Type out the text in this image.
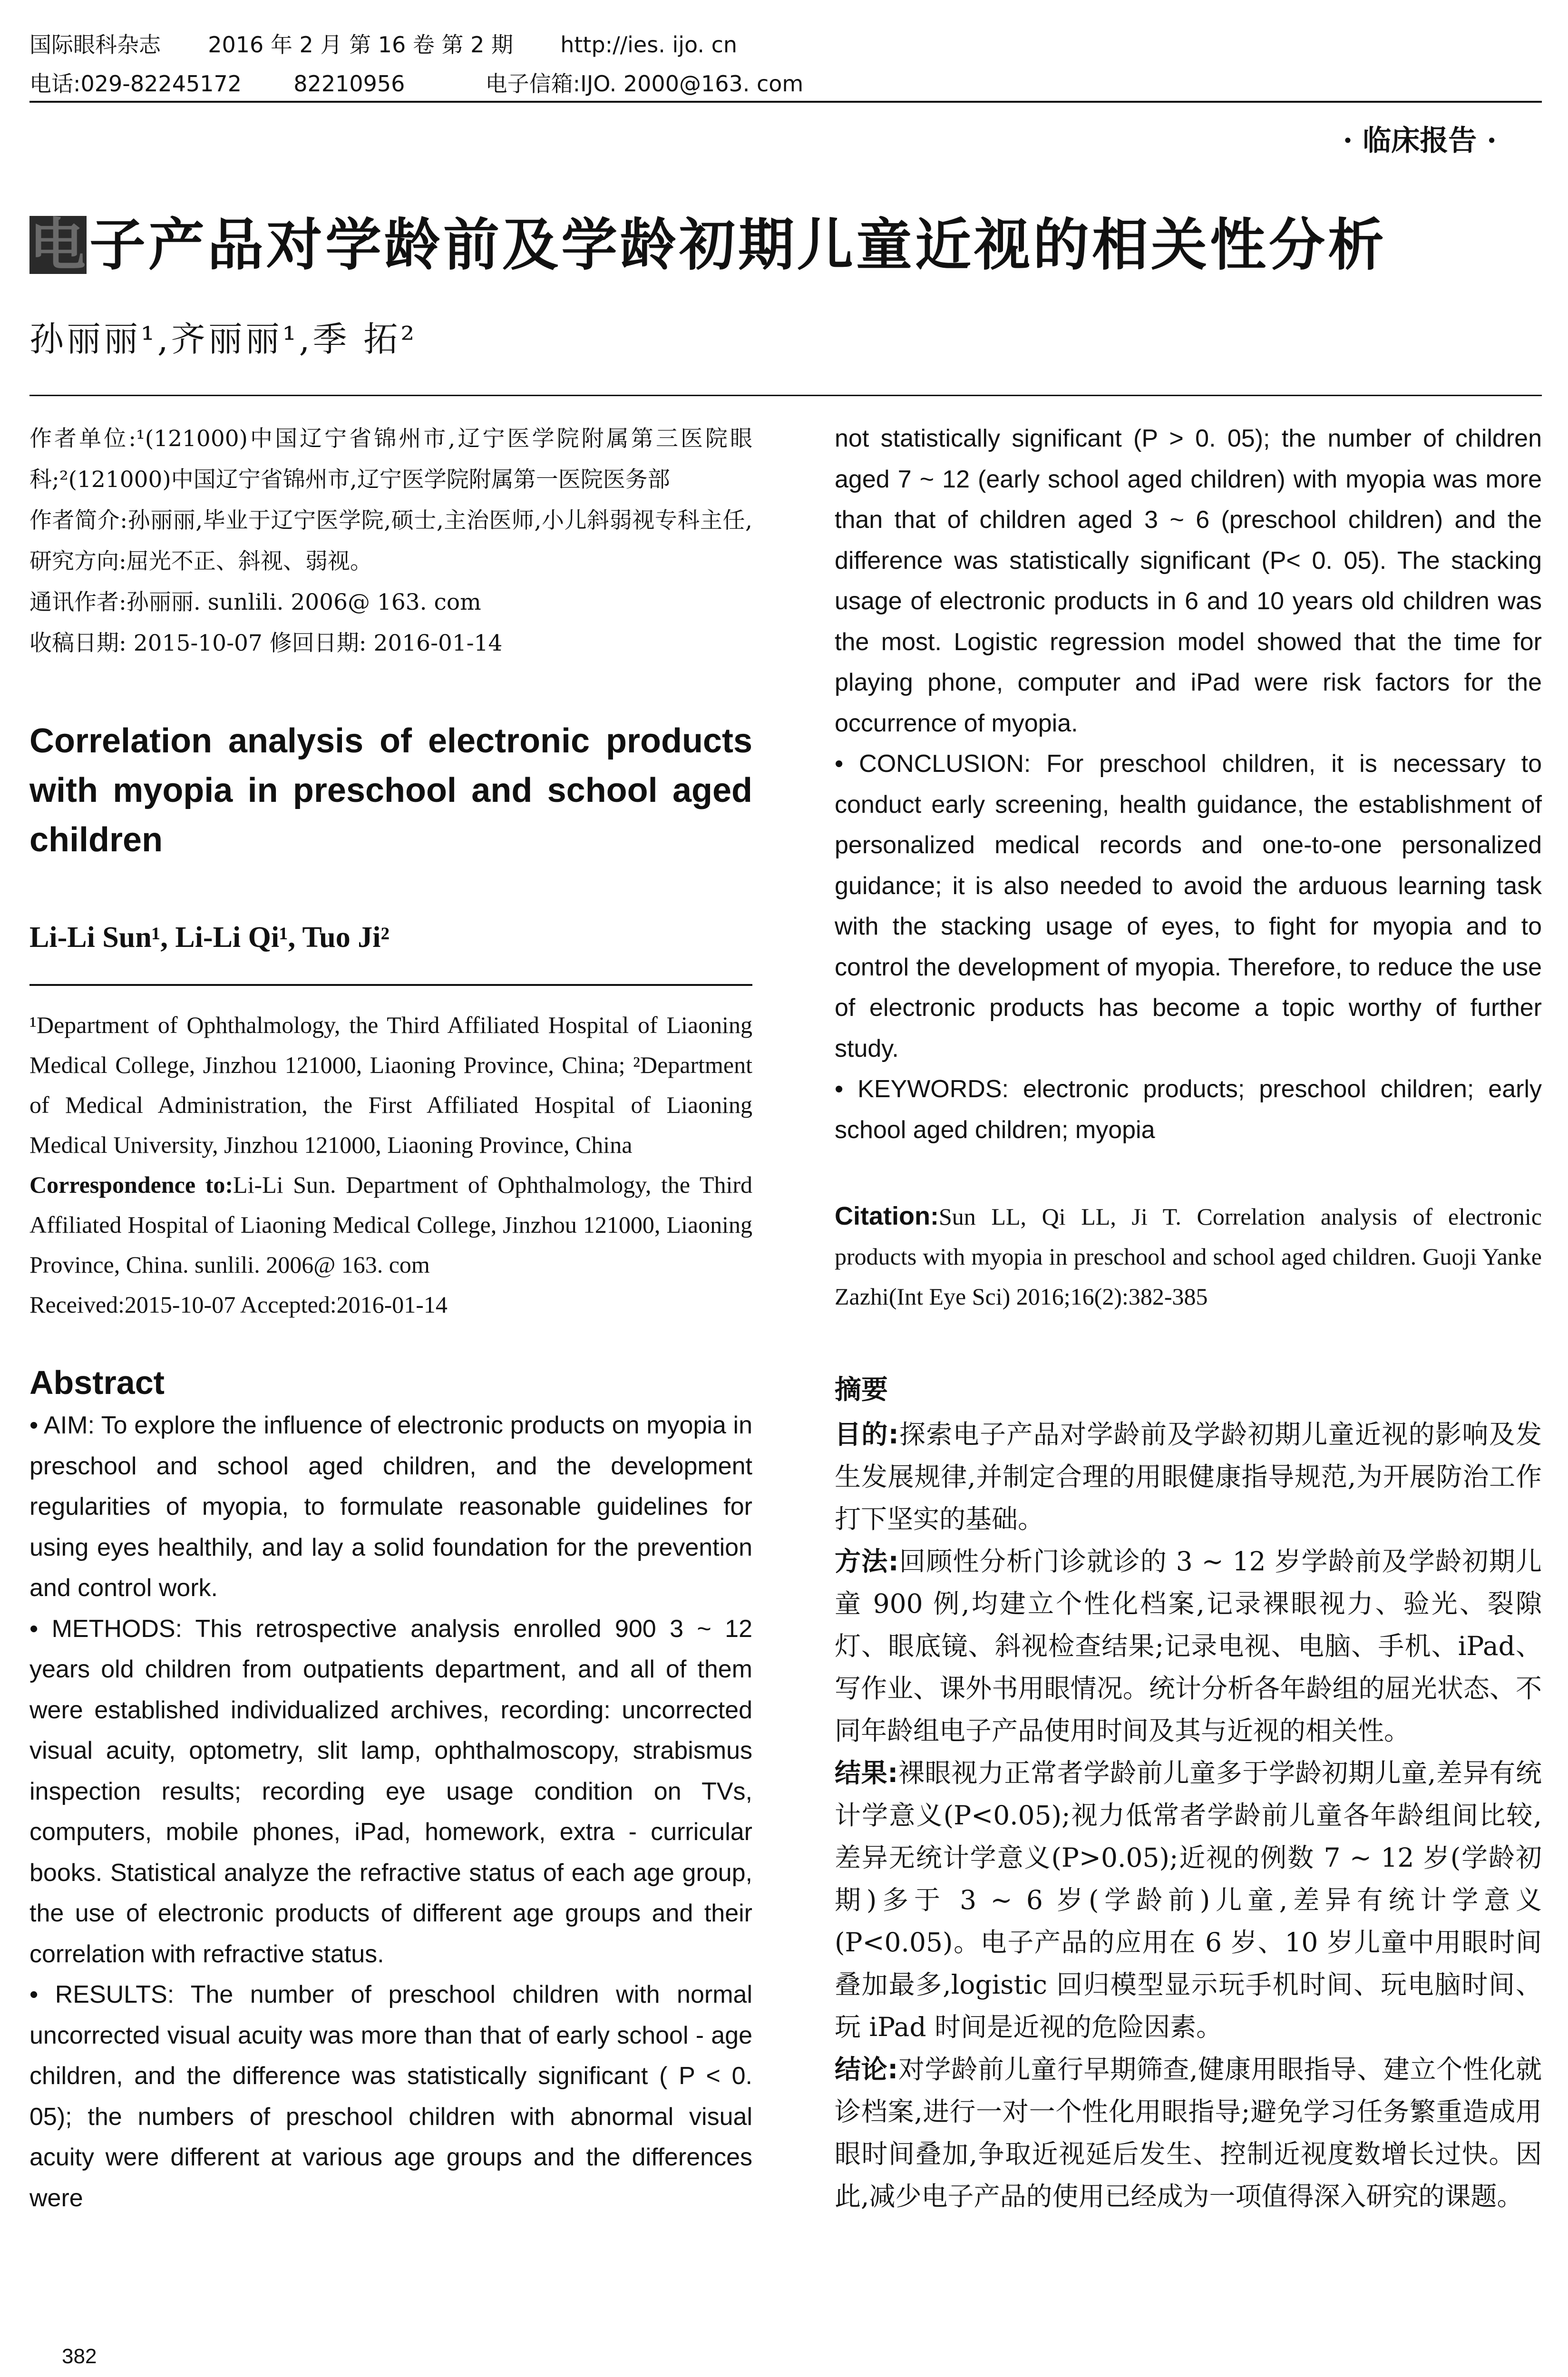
国际眼科杂志 2016 年 2 月 第 16 卷 第 2 期 http://ies. ijo. cn
电话:029-82245172 82210956	电子信箱:IJO. 2000@163. com
· 临床报告 ·
电子产品对学龄前及学龄初期儿童近视的相关性分析
孙丽丽¹,齐丽丽¹,季 拓²
作者单位:¹(121000)中国辽宁省锦州市,辽宁医学院附属第三医院眼科;²(121000)中国辽宁省锦州市,辽宁医学院附属第一医院医务部
作者简介:孙丽丽,毕业于辽宁医学院,硕士,主治医师,小儿斜弱视专科主任,研究方向:屈光不正、斜视、弱视。
通讯作者:孙丽丽. sunlili. 2006@ 163. com
收稿日期: 2015-10-07 修回日期: 2016-01-14
Correlation analysis of electronic products with myopia in preschool and school aged children
Li-Li Sun¹, Li-Li Qi¹, Tuo Ji²
¹Department of Ophthalmology, the Third Affiliated Hospital of Liaoning Medical College, Jinzhou 121000, Liaoning Province, China; ²Department of Medical Administration, the First Affiliated Hospital of Liaoning Medical University, Jinzhou 121000, Liaoning Province, China
Correspondence to:Li-Li Sun. Department of Ophthalmology, the Third Affiliated Hospital of Liaoning Medical College, Jinzhou 121000, Liaoning Province, China. sunlili. 2006@ 163. com
Received:2015-10-07 Accepted:2016-01-14
Abstract

• AIM: To explore the influence of electronic products on myopia in preschool and school aged children, and the development regularities of myopia, to formulate reasonable guidelines for using eyes healthily, and lay a solid foundation for the prevention and control work.

• METHODS: This retrospective analysis enrolled 900 3 ~ 12 years old children from outpatients department, and all of them were established individualized archives, recording: uncorrected visual acuity, optometry, slit lamp, ophthalmoscopy, strabismus inspection results; recording eye usage condition on TVs, computers, mobile phones, iPad, homework, extra - curricular books. Statistical analyze the refractive status of each age group, the use of electronic products of different age groups and their correlation with refractive status.

• RESULTS: The number of preschool children with normal uncorrected visual acuity was more than that of early school - age children, and the difference was statistically significant ( P < 0. 05); the numbers of preschool children with abnormal visual acuity were different at various age groups and the differences were

not statistically significant (P > 0. 05); the number of children aged 7 ~ 12 (early school aged children) with myopia was more than that of children aged 3 ~ 6 (preschool children) and the difference was statistically significant (P< 0. 05). The stacking usage of electronic products in 6 and 10 years old children was the most. Logistic regression model showed that the time for playing phone, computer and iPad were risk factors for the occurrence of myopia.

• CONCLUSION: For preschool children, it is necessary to conduct early screening, health guidance, the establishment of personalized medical records and one-to-one personalized guidance; it is also needed to avoid the arduous learning task with the stacking usage of eyes, to fight for myopia and to control the development of myopia. Therefore, to reduce the use of electronic products has become a topic worthy of further study.

• KEYWORDS: electronic products; preschool children; early school aged children; myopia

Citation:Sun LL, Qi LL, Ji T. Correlation analysis of electronic products with myopia in preschool and school aged children. Guoji Yanke Zazhi(Int Eye Sci) 2016;16(2):382-385
摘要

目的:探索电子产品对学龄前及学龄初期儿童近视的影响及发生发展规律,并制定合理的用眼健康指导规范,为开展防治工作打下坚实的基础。

方法:回顾性分析门诊就诊的 3 ~ 12 岁学龄前及学龄初期儿童 900 例,均建立个性化档案,记录裸眼视力、验光、裂隙灯、眼底镜、斜视检查结果;记录电视、电脑、手机、iPad、写作业、课外书用眼情况。统计分析各年龄组的屈光状态、不同年龄组电子产品使用时间及其与近视的相关性。

结果:裸眼视力正常者学龄前儿童多于学龄初期儿童,差异有统计学意义(P<0.05);视力低常者学龄前儿童各年龄组间比较,差异无统计学意义(P>0.05);近视的例数 7 ~ 12 岁(学龄初期)多于 3 ~ 6 岁(学龄前)儿童,差异有统计学意义(P<0.05)。电子产品的应用在 6 岁、10 岁儿童中用眼时间叠加最多,logistic 回归模型显示玩手机时间、玩电脑时间、玩 iPad 时间是近视的危险因素。

结论:对学龄前儿童行早期筛查,健康用眼指导、建立个性化就诊档案,进行一对一个性化用眼指导;避免学习任务繁重造成用眼时间叠加,争取近视延后发生、控制近视度数增长过快。因此,减少电子产品的使用已经成为一项值得深入研究的课题。

382
